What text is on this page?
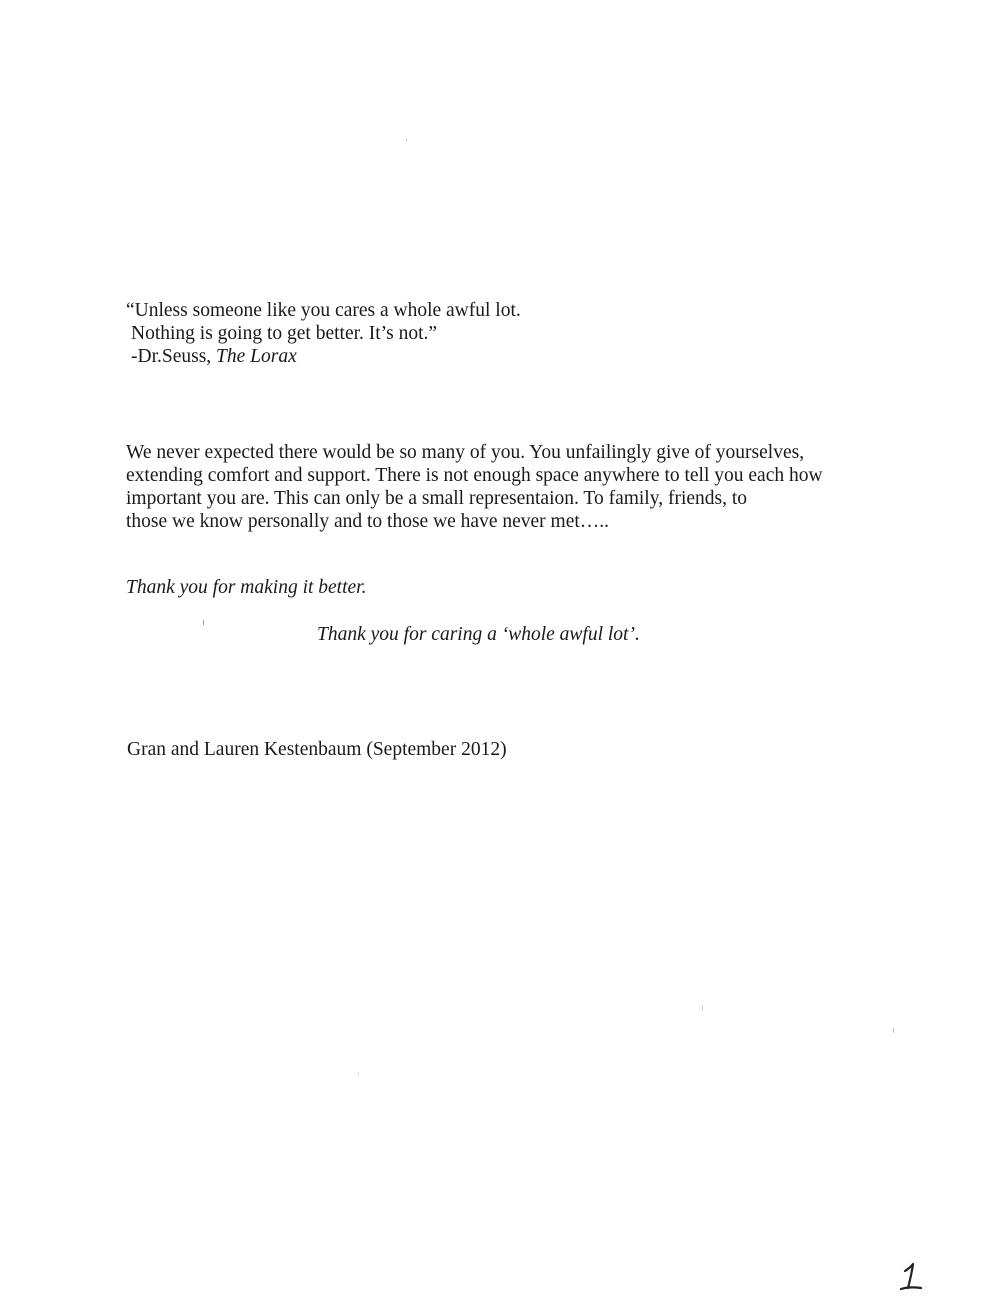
“Unless someone like you cares a whole awful lot.
Nothing is going to get better. It’s not.”
-Dr.Seuss, The Lorax
We never expected there would be so many of you. You unfailingly give of yourselves,
extending comfort and support. There is not enough space anywhere to tell you each how
important you are. This can only be a small representaion. To family, friends, to
those we know personally and to those we have never met…..
Thank you for making it better.
Thank you for caring a ‘whole awful lot’.
Gran and Lauren Kestenbaum (September 2012)
